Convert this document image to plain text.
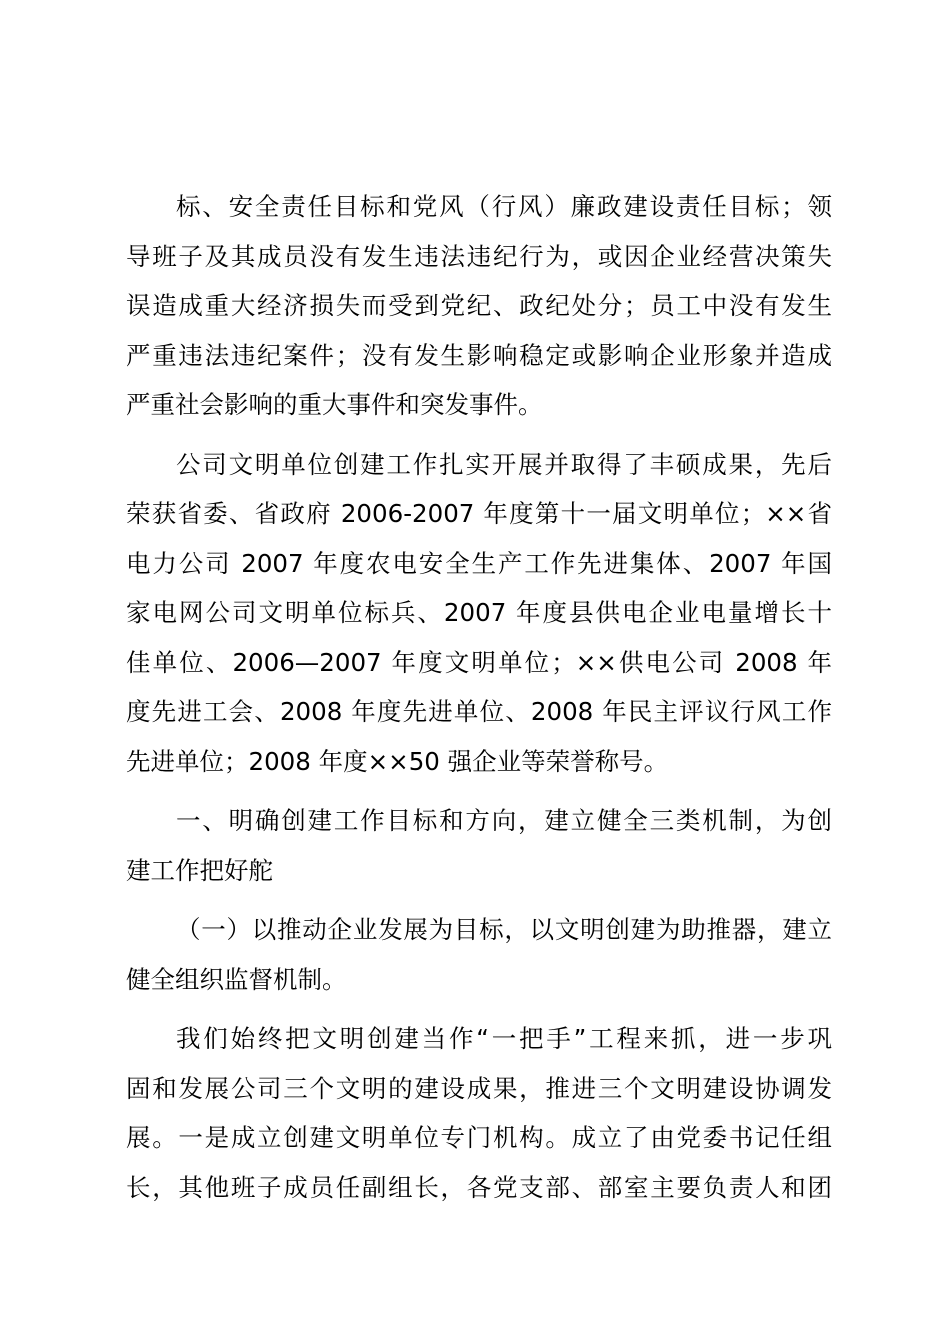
标、安全责任目标和党风（行风）廉政建设责任目标；领
导班子及其成员没有发生违法违纪行为，或因企业经营决策失
误造成重大经济损失而受到党纪、政纪处分；员工中没有发生
严重违法违纪案件；没有发生影响稳定或影响企业形象并造成
严重社会影响的重大事件和突发事件。
公司文明单位创建工作扎实开展并取得了丰硕成果，先后
荣获省委、省政府 2006-2007 年度第十一届文明单位；××省
电力公司 2007 年度农电安全生产工作先进集体、2007 年国
家电网公司文明单位标兵、2007 年度县供电企业电量增长十
佳单位、2006—2007 年度文明单位；××供电公司 2008 年
度先进工会、2008 年度先进单位、2008 年民主评议行风工作
先进单位；2008 年度××50 强企业等荣誉称号。
一、明确创建工作目标和方向，建立健全三类机制，为创
建工作把好舵
（一）以推动企业发展为目标，以文明创建为助推器，建立
健全组织监督机制。
我们始终把文明创建当作“一把手”工程来抓，进一步巩
固和发展公司三个文明的建设成果，推进三个文明建设协调发
展。一是成立创建文明单位专门机构。成立了由党委书记任组
长，其他班子成员任副组长，各党支部、部室主要负责人和团
